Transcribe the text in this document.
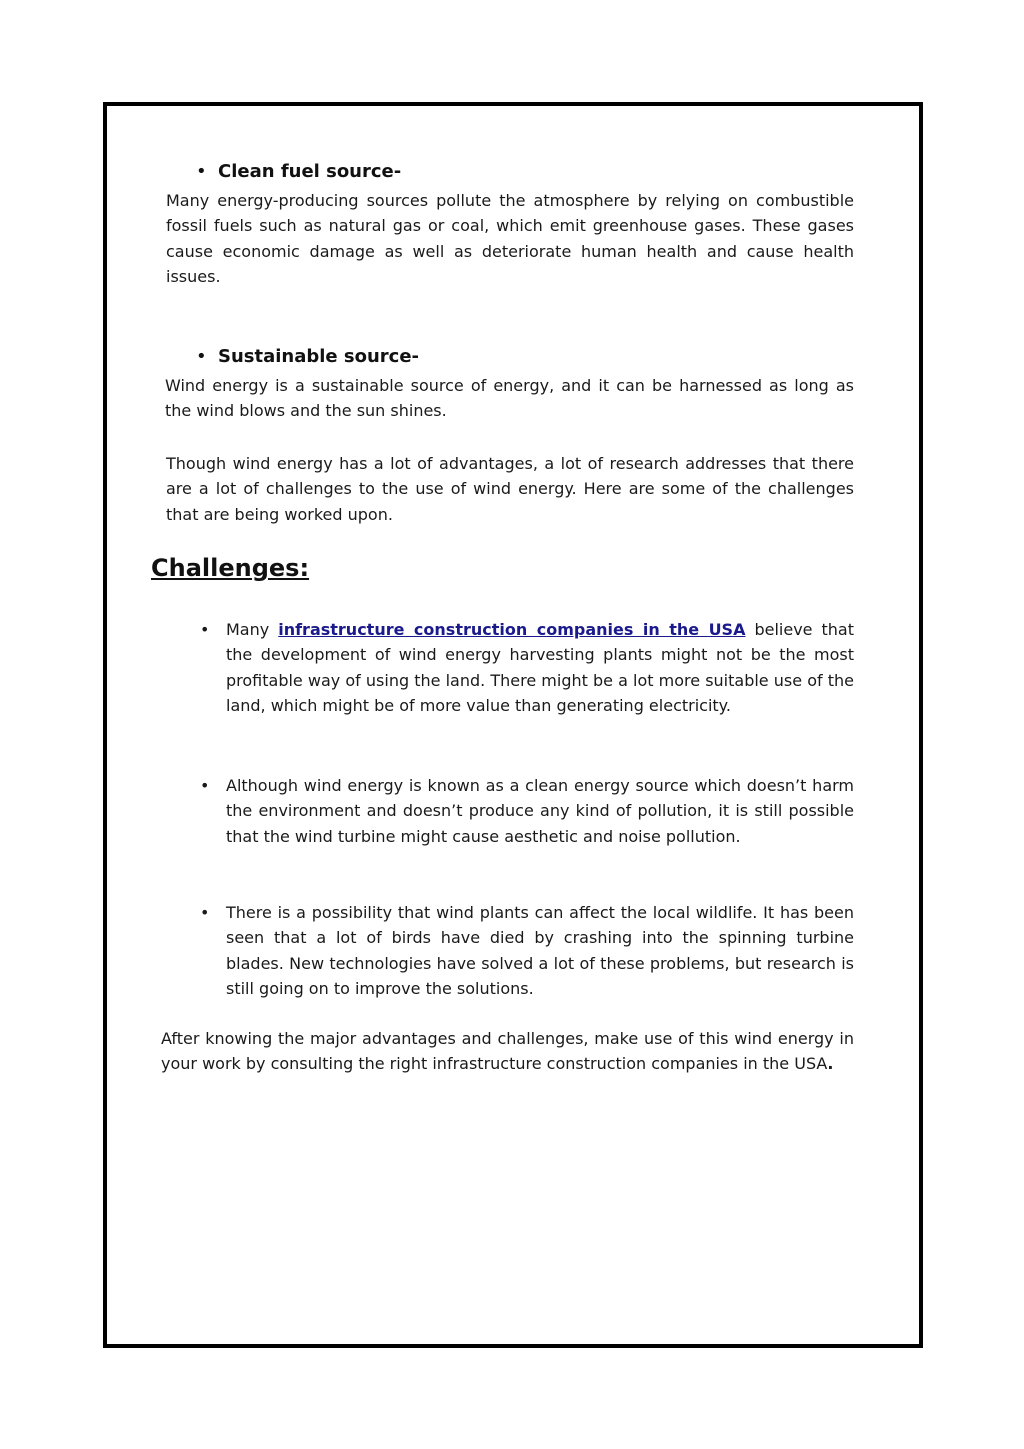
• Clean fuel source-

Many energy-producing sources pollute the atmosphere by relying on combustible fossil fuels such as natural gas or coal, which emit greenhouse gases. These gases cause economic damage as well as deteriorate human health and cause health issues.

• Sustainable source-

Wind energy is a sustainable source of energy, and it can be harnessed as long as the wind blows and the sun shines.

Though wind energy has a lot of advantages, a lot of research addresses that there are a lot of challenges to the use of wind energy. Here are some of the challenges that are being worked upon.

Challenges:
•	Many infrastructure construction companies in the USA believe that the development of wind energy harvesting plants might not be the most profitable way of using the land. There might be a lot more suitable use of the land, which might be of more value than generating electricity.
•	Although wind energy is known as a clean energy source which doesn’t harm the environment and doesn’t produce any kind of pollution, it is still possible that the wind turbine might cause aesthetic and noise pollution.
•	There is a possibility that wind plants can affect the local wildlife. It has been seen that a lot of birds have died by crashing into the spinning turbine blades. New technologies have solved a lot of these problems, but research is still going on to improve the solutions.

After knowing the major advantages and challenges, make use of this wind energy in your work by consulting the right infrastructure construction companies in the USA.
